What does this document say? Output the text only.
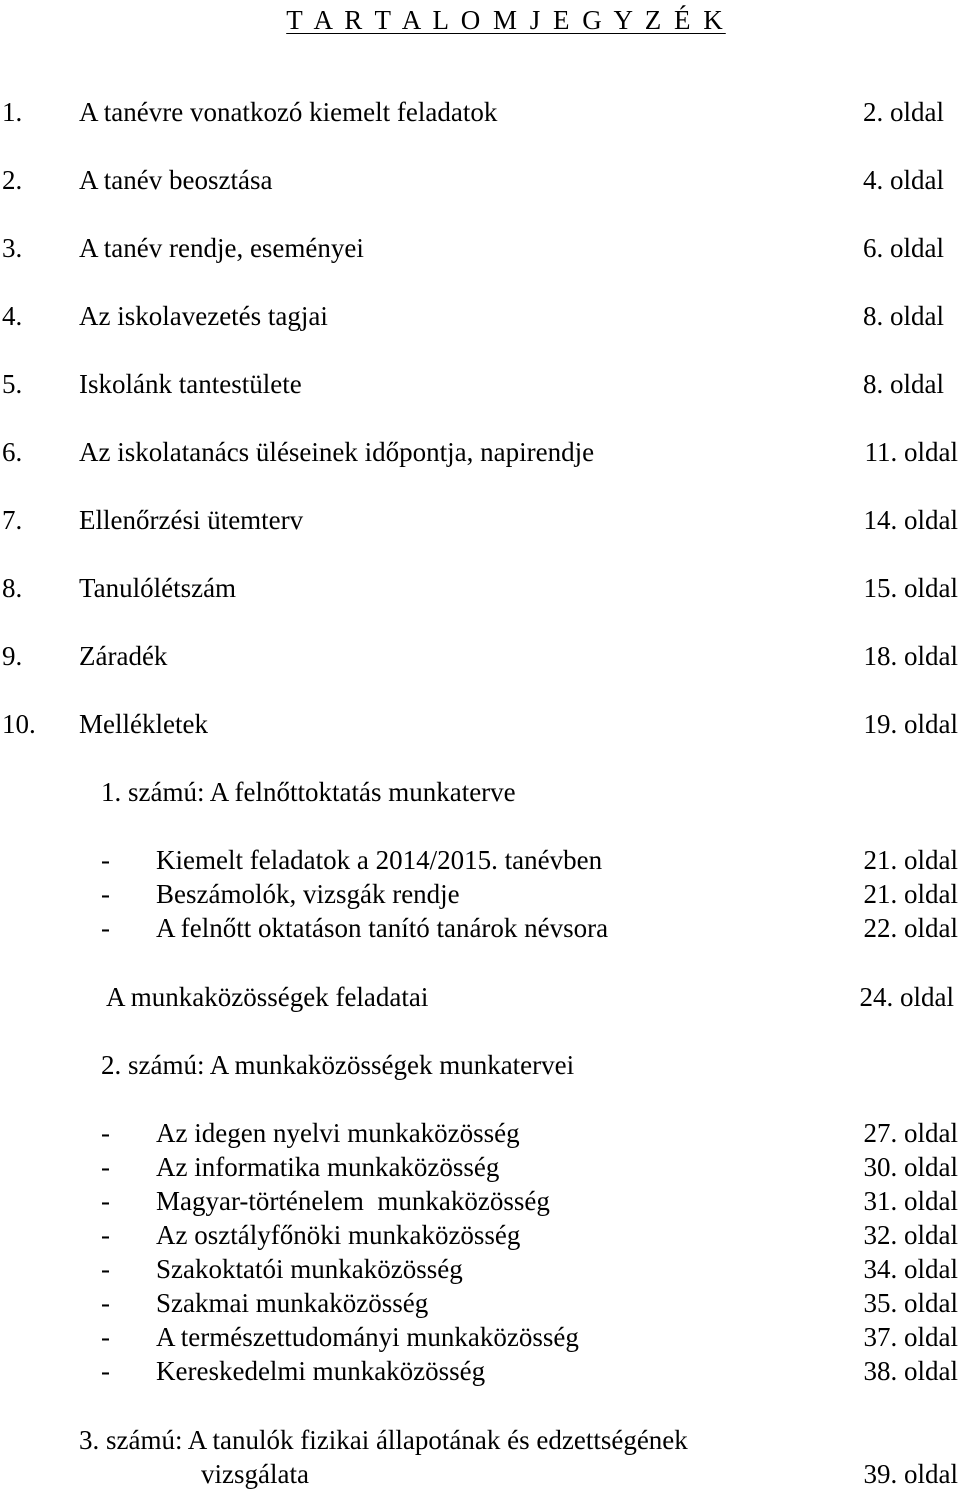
T A R T A L O M J E G Y Z É K
1. A tanévre vonatkozó kiemelt feladatok	2. oldal
2. A tanév beosztása	4. oldal
3. A tanév rendje, eseményei	6. oldal
4. Az iskolavezetés tagjai	8. oldal
5. Iskolánk tantestülete	8. oldal
6. Az iskolatanács üléseinek időpontja, napirendje	11. oldal
7. Ellenőrzési ütemterv	14. oldal
8. Tanulólétszám	15. oldal
9. Záradék	18. oldal
10. Mellékletek	19. oldal
1. számú: A felnőttoktatás munkaterve
- Kiemelt feladatok a 2014/2015. tanévben	21. oldal
- Beszámolók, vizsgák rendje	21. oldal
- A felnőtt oktatáson tanító tanárok névsora	22. oldal
A munkaközösségek feladatai	24. oldal
2. számú: A munkaközösségek munkatervei
- Az idegen nyelvi munkaközösség	27. oldal
- Az informatika munkaközösség	30. oldal
- Magyar-történelem  munkaközösség	31. oldal
- Az osztályfőnöki munkaközösség	32. oldal
- Szakoktatói munkaközösség	34. oldal
- Szakmai munkaközösség	35. oldal
- A természettudományi munkaközösség	37. oldal
- Kereskedelmi munkaközösség	38. oldal
3. számú: A tanulók fizikai állapotának és edzettségének
vizsgálata	39. oldal
